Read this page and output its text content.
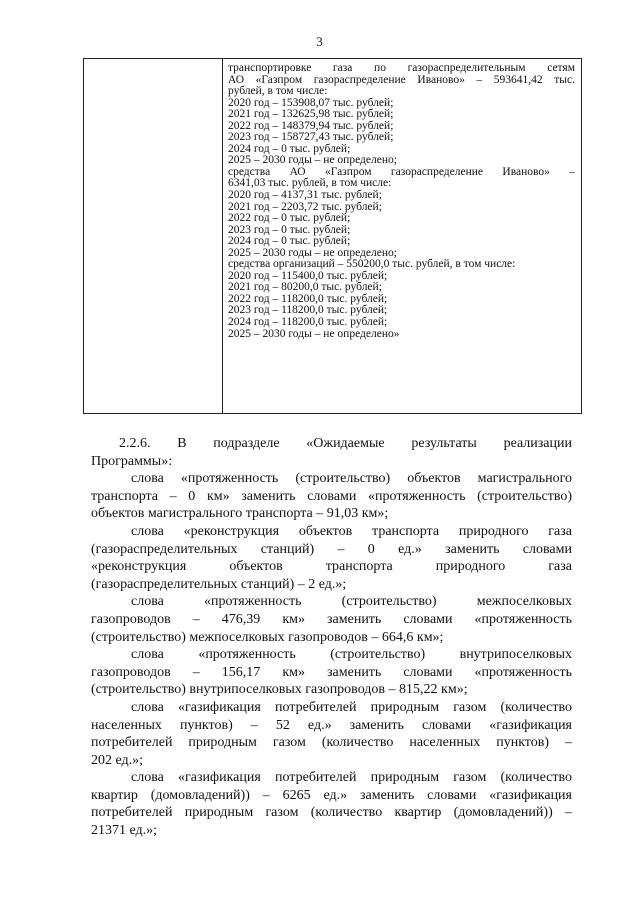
3
транспортировке газа по газораспределительным сетям
АО «Газпром газораспределение Иваново» – 593641,42 тыс.
рублей, в том числе:
2020 год – 153908,07 тыс. рублей;
2021 год – 132625,98 тыс. рублей;
2022 год – 148379,94 тыс. рублей;
2023 год – 158727,43 тыс. рублей;
2024 год – 0 тыс. рублей;
2025 – 2030 годы – не определено;
средства АО «Газпром газораспределение Иваново» –
6341,03 тыс. рублей, в том числе:
2020 год – 4137,31 тыс. рублей;
2021 год – 2203,72 тыс. рублей;
2022 год – 0 тыс. рублей;
2023 год – 0 тыс. рублей;
2024 год – 0 тыс. рублей;
2025 – 2030 годы – не определено;
средства организаций – 550200,0 тыс. рублей, в том числе:
2020 год – 115400,0 тыс. рублей;
2021 год – 80200,0 тыс. рублей;
2022 год – 118200,0 тыс. рублей;
2023 год – 118200,0 тыс. рублей;
2024 год – 118200,0 тыс. рублей;
2025 – 2030 годы – не определено»

2.2.6. В подразделе «Ожидаемые результаты реализации
Программы»:

слова «протяженность (строительство) объектов магистрального
транспорта – 0 км» заменить словами «протяженность (строительство)
объектов магистрального транспорта – 91,03 км»;

слова «реконструкция объектов транспорта природного газа
(газораспределительных станций) – 0 ед.» заменить словами
«реконструкция объектов транспорта природного газа
(газораспределительных станций) – 2 ед.»;

слова «протяженность (строительство) межпоселковых
газопроводов – 476,39 км» заменить словами «протяженность
(строительство) межпоселковых газопроводов – 664,6 км»;

слова «протяженность (строительство) внутрипоселковых
газопроводов – 156,17 км» заменить словами «протяженность
(строительство) внутрипоселковых газопроводов – 815,22 км»;

слова «газификация потребителей природным газом (количество
населенных пунктов) – 52 ед.» заменить словами «газификация
потребителей природным газом (количество населенных пунктов) –
202 ед.»;

слова «газификация потребителей природным газом (количество
квартир (домовладений)) – 6265 ед.» заменить словами «газификация
потребителей природным газом (количество квартир (домовладений)) –
21371 ед.»;
